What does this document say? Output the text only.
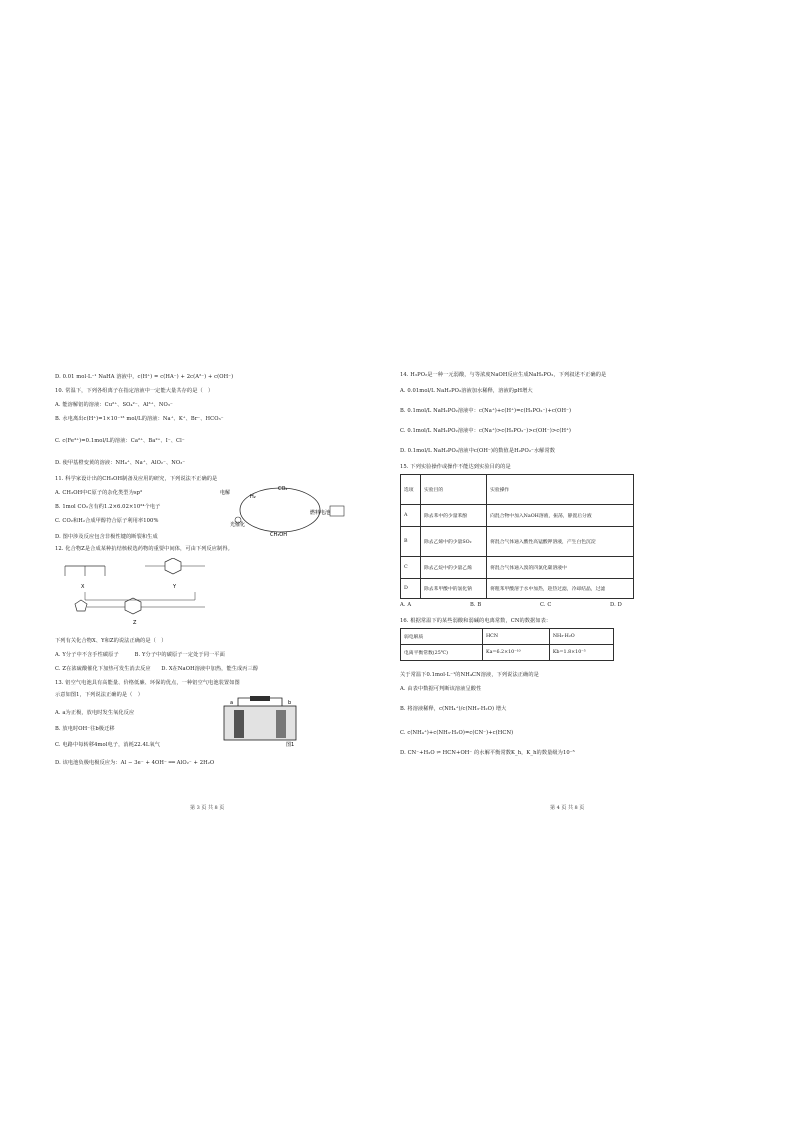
D. 0.01 mol·L⁻¹ NaHA 溶液中，c(H⁺) = c(HA⁻) + 2c(A²⁻) + c(OH⁻)
10. 常温下，下列各组离子在指定溶液中一定能大量共存的是（　）
A. 能溶解铝的溶液：Cu²⁺、SO₄²⁻、Al³⁺、NO₃⁻
B. 水电离出c(H⁺)=1×10⁻¹³ mol/L的溶液：Na⁺、K⁺、Br⁻、HCO₃⁻
C. c(Fe³⁺)=0.1mol/L的溶液：Ca²⁺、Ba²⁺、I⁻、Cl⁻
D. 使甲基橙变黄的溶液：NH₄⁺、Na⁺、AlO₂⁻、NO₃⁻
11. 科学家设计出的CH₃OH制备及应用的研究，下列说法不正确的是
A. CH₃OH中C原子的杂化类型为sp³
B. 1mol CO₂含有约1.2×6.02×10²⁴个电子
C. CO₂和H₂合成甲醇符合原子利用率100%
D. 图中涉及反应包含非极性键的断裂和生成
12. 化合物Z是合成某种抗结核候选药物的重要中间体，可由下列反应制得。
CO₂
H₂
CH₃OH
光催化
电解
燃料电池
X	Y
Z
下列有关化合物X、Y和Z的说法正确的是（　）
A. Y分子中不含手性碳原子　　　B. Y分子中的碳原子一定处于同一平面
C. Z在浓硫酸催化下加热可发生消去反应　　D. X在NaOH溶液中加热，能生成丙三醇
13. 铝空气电池具有高能量、价格低廉、环保的优点，一种铝空气电池装置如图
示意如图1，下列说法正确的是（　）
A. a为正极，放电时发生氧化反应
B. 放电时OH⁻往b极迁移
C. 电路中每转移4mol电子，消耗22.4L氧气
D. 该电池负极电极反应为：Al − 3e⁻ + 4OH⁻ ══ AlO₂⁻ + 2H₂O
a	b
图1
第 3 页 共 8 页
14. H₃PO₂是一种一元弱酸，与等浓度NaOH反应生成NaH₂PO₂，下列叙述不正确的是
A. 0.01mol/L NaH₂PO₂溶液加水稀释，溶液的pH增大
B. 0.1mol/L NaH₂PO₂溶液中：c(Na⁺)+c(H⁺)=c(H₂PO₂⁻)+c(OH⁻)
C. 0.1mol/L NaH₂PO₂溶液中：c(Na⁺)>c(H₂PO₂⁻)>c(OH⁻)>c(H⁺)
D. 0.1mol/L NaH₂PO₂溶液中c(OH⁻)的数值是H₂PO₂⁻水解常数
15. 下列实验操作或操作不能达到实验目的的是
选项	实验目的	实验操作
A	除去苯中的少量苯酚	向混合物中加入NaOH溶液，振荡，静置后分液
B	除去乙烯中的少量SO₂	将混合气体通入酸性高锰酸钾溶液，产生白色沉淀
C	除去乙烷中的少量乙烯	将混合气体通入溴的四氯化碳溶液中
D	除去苯甲酸中的氯化钠	将粗苯甲酸溶于水中加热，趁热过滤，冷却结晶，过滤
A. A	B. B	C. C	D. D
16. 根据常温下的某些弱酸和弱碱的电离常数，CN的数据如表：
弱电解质	HCN	NH₃·H₂O
电离平衡常数(25℃)	Ka=6.2×10⁻¹⁰	Kb=1.8×10⁻⁵
关于常温下0.1mol·L⁻¹的NH₄CN溶液，下列说法正确的是
A. 由表中数据可判断该溶液呈酸性
B. 将溶液稀释，c(NH₄⁺)/c(NH₃·H₂O) 增大
C. c(NH₄⁺)+c(NH₃·H₂O)=c(CN⁻)+c(HCN)
D. CN⁻+H₂O ⇌ HCN+OH⁻ 的水解平衡常数K_h，K_h的数量级为10⁻⁵
第 4 页 共 8 页
